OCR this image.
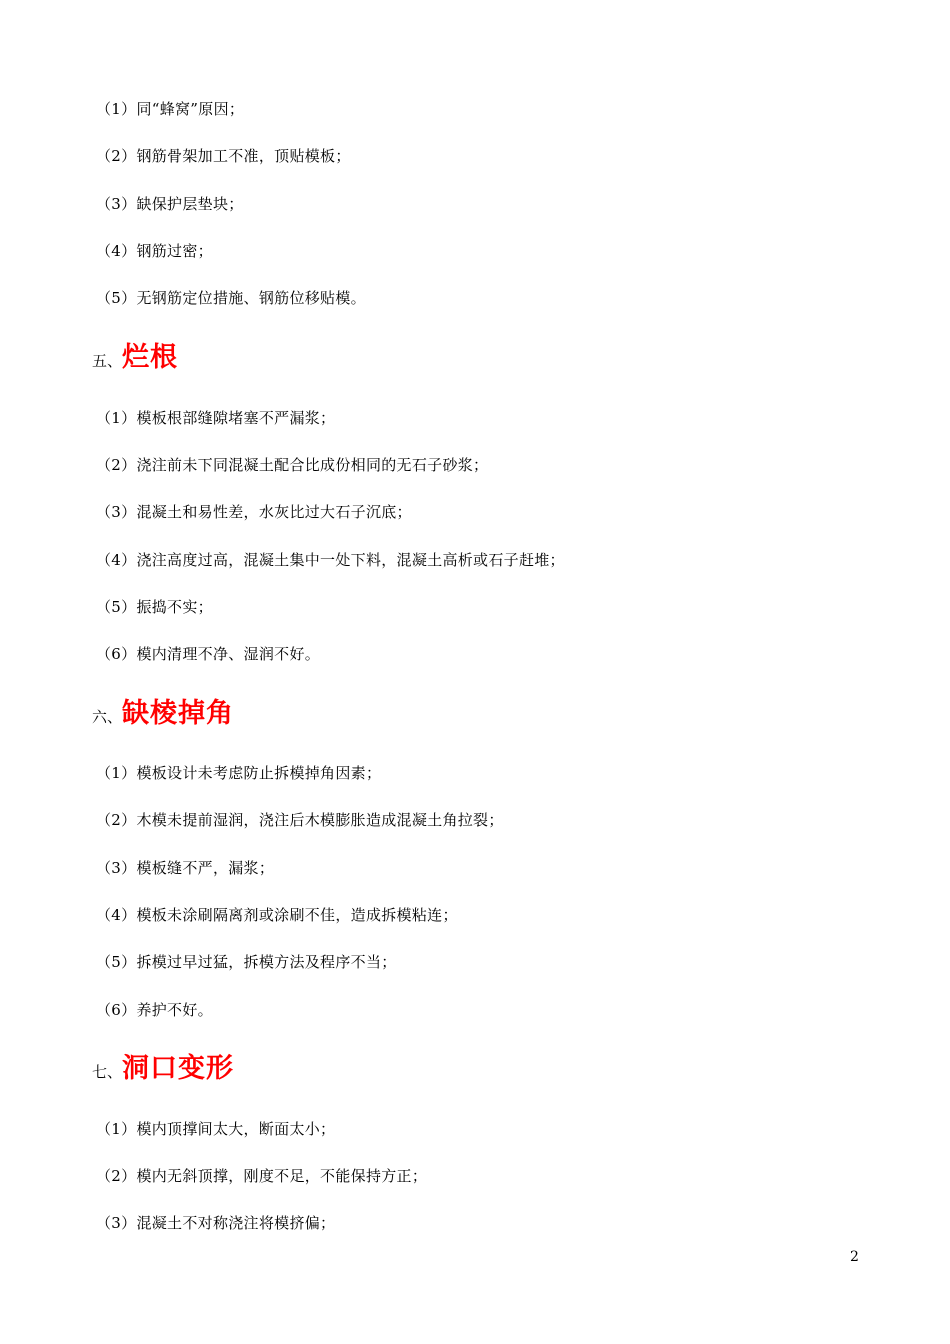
（1）同“蜂窝”原因；
（2）钢筋骨架加工不准，顶贴模板；
（3）缺保护层垫块；
（4）钢筋过密；
（5）无钢筋定位措施、钢筋位移贴模。
五、烂根
（1）模板根部缝隙堵塞不严漏浆；
（2）浇注前未下同混凝土配合比成份相同的无石子砂浆；
（3）混凝土和易性差，水灰比过大石子沉底；
（4）浇注高度过高，混凝土集中一处下料，混凝土高析或石子赶堆；
（5）振捣不实；
（6）模内清理不净、湿润不好。
六、缺棱掉角
（1）模板设计未考虑防止拆模掉角因素；
（2）木模未提前湿润，浇注后木模膨胀造成混凝土角拉裂；
（3）模板缝不严，漏浆；
（4）模板未涂刷隔离剂或涂刷不佳，造成拆模粘连；
（5）拆模过早过猛，拆模方法及程序不当；
（6）养护不好。
七、洞口变形
（1）模内顶撑间太大，断面太小；
（2）模内无斜顶撑，刚度不足，不能保持方正；
（3）混凝土不对称浇注将模挤偏；
2
